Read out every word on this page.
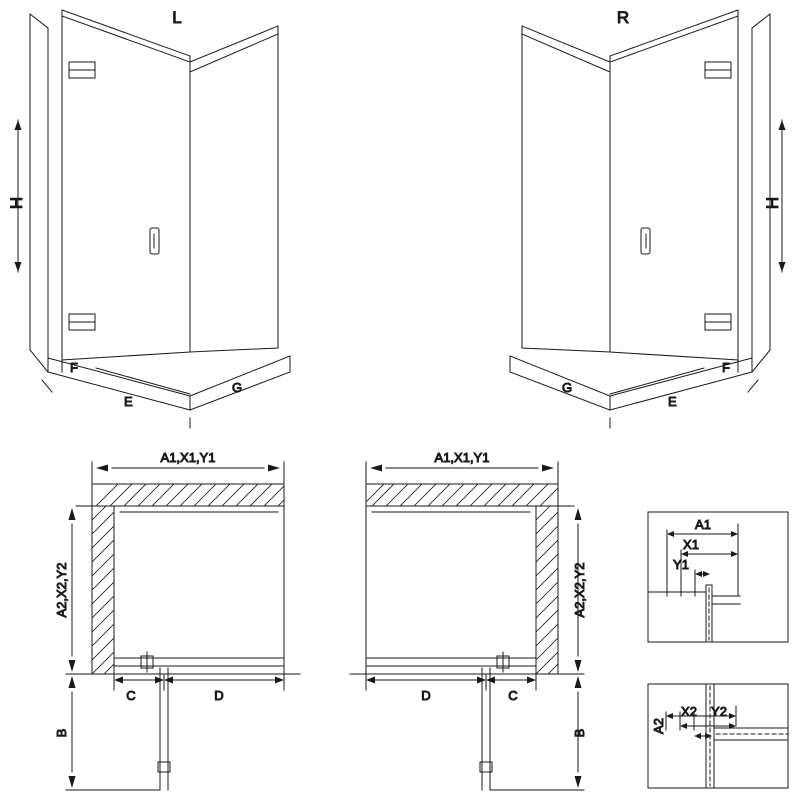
H
F
E
G
L
H
F
E
G
R
A1,X1,Y1
A2,X2,Y2
C	D
B
A1,X1,Y1
A2,X2,Y2
D	C
B
A1
X1
Y1
A2
X2 Y2
